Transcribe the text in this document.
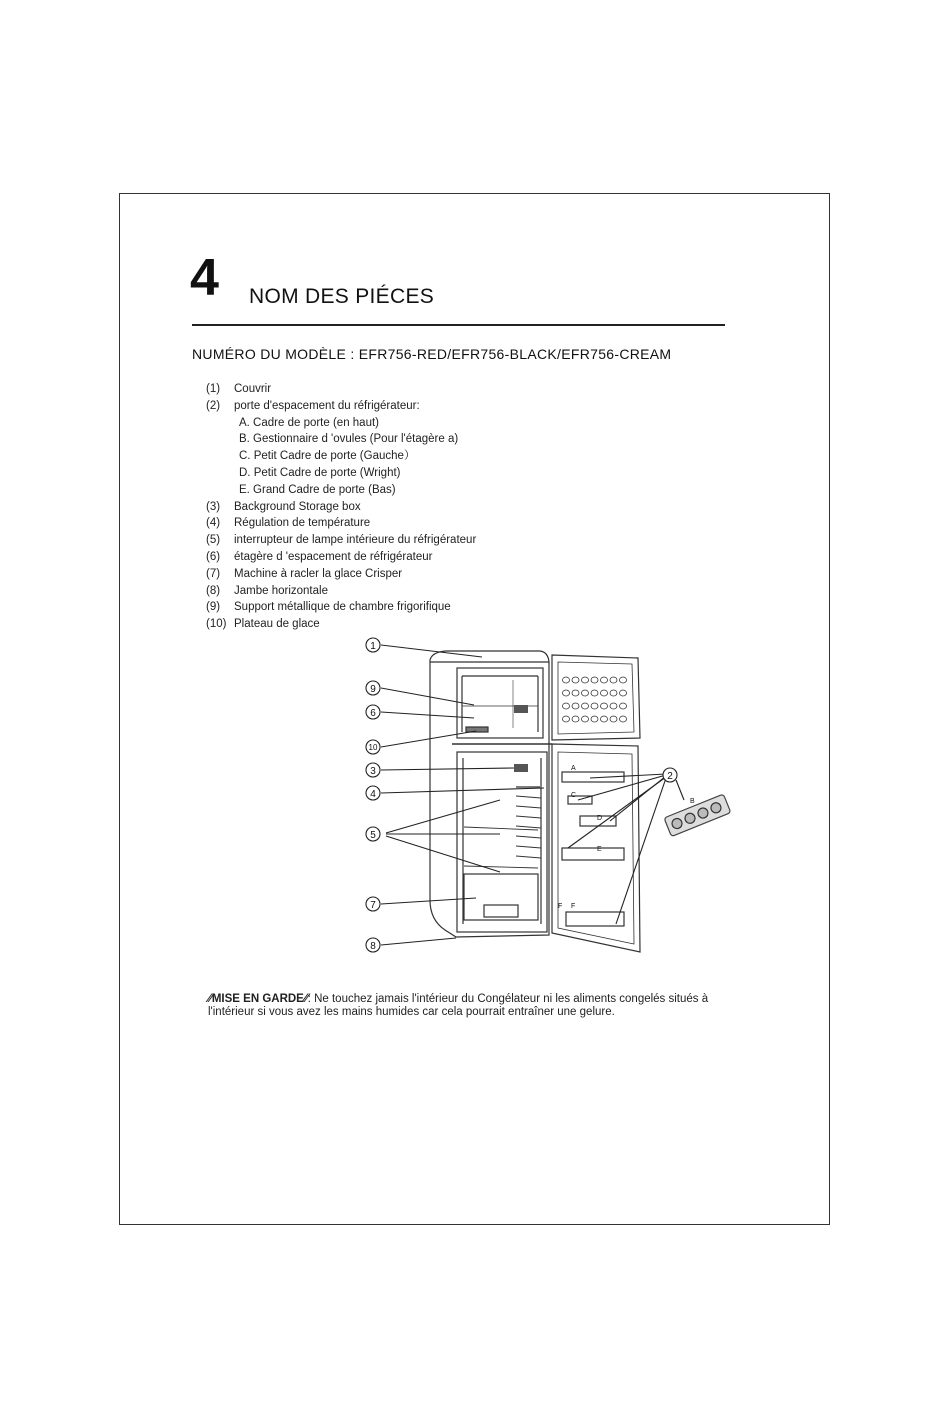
4 NOM DES PIÉCES
NUMÉRO DU MODÈLE : EFR756-RED/EFR756-BLACK/EFR756-CREAM
(1) Couvrir
(2) porte d'espacement du réfrigérateur:
A. Cadre de porte (en haut)
B. Gestionnaire d 'ovules (Pour l'étagère a)
C. Petit Cadre de porte (Gauche）
D. Petit Cadre de porte (Wright)
E. Grand Cadre de porte (Bas)
(3) Background Storage box
(4) Régulation de température
(5) interrupteur de lampe intérieure du réfrigérateur
(6) étagère d 'espacement de réfrigérateur
(7) Machine à racler la glace Crisper
(8) Jambe horizontale
(9) Support métallique de chambre frigorifique
(10) Plateau de glace
1
9
6
10
3
4
5
7
8
2
A
B
C
D
E
F F
⁄⁄MISE EN GARDE⁄⁄: Ne touchez jamais l'intérieur du Congélateur ni les aliments congelés situés à l'intérieur si vous avez les mains humides car cela pourrait entraîner une gelure.
